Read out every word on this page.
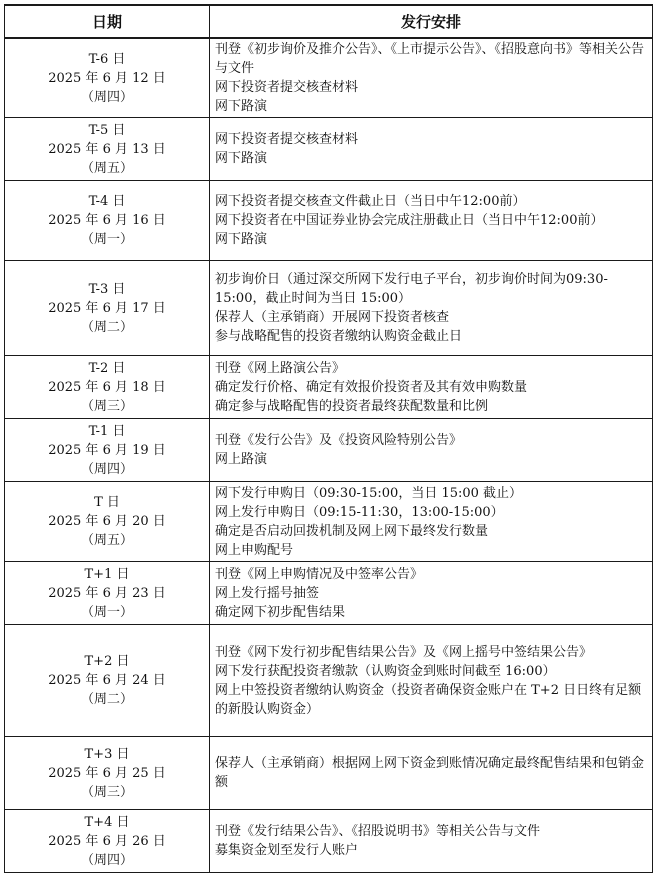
日期	发行安排

T-6 日
2025 年 6 月 12 日
（周四）	刊登《初步询价及推介公告》、《上市提示公告》、《招股意向书》等相关公告与文件
网下投资者提交核查材料
网下路演

T-5 日
2025 年 6 月 13 日
（周五）	网下投资者提交核查材料
网下路演

T-4 日
2025 年 6 月 16 日
（周一）	网下投资者提交核查文件截止日（当日中午12:00前）
网下投资者在中国证券业协会完成注册截止日（当日中午12:00前）
网下路演

T-3 日
2025 年 6 月 17 日
（周二）	初步询价日（通过深交所网下发行电子平台，初步询价时间为09:30-15:00，截止时间为当日 15:00）
保荐人（主承销商）开展网下投资者核查
参与战略配售的投资者缴纳认购资金截止日

T-2 日
2025 年 6 月 18 日
（周三）	刊登《网上路演公告》
确定发行价格、确定有效报价投资者及其有效申购数量
确定参与战略配售的投资者最终获配数量和比例

T-1 日
2025 年 6 月 19 日
（周四）	刊登《发行公告》及《投资风险特别公告》
网上路演

T 日
2025 年 6 月 20 日
（周五）	网下发行申购日（09:30-15:00，当日 15:00 截止）
网上发行申购日（09:15-11:30，13:00-15:00）
确定是否启动回拨机制及网上网下最终发行数量
网上申购配号

T+1 日
2025 年 6 月 23 日
（周一）	刊登《网上申购情况及中签率公告》
网上发行摇号抽签
确定网下初步配售结果

T+2 日
2025 年 6 月 24 日
（周二）	刊登《网下发行初步配售结果公告》及《网上摇号中签结果公告》
网下发行获配投资者缴款（认购资金到账时间截至 16:00）
网上中签投资者缴纳认购资金（投资者确保资金账户在 T+2 日日终有足额的新股认购资金）

T+3 日
2025 年 6 月 25 日
（周三）	保荐人（主承销商）根据网上网下资金到账情况确定最终配售结果和包销金额

T+4 日
2025 年 6 月 26 日
（周四）	刊登《发行结果公告》、《招股说明书》等相关公告与文件
募集资金划至发行人账户
